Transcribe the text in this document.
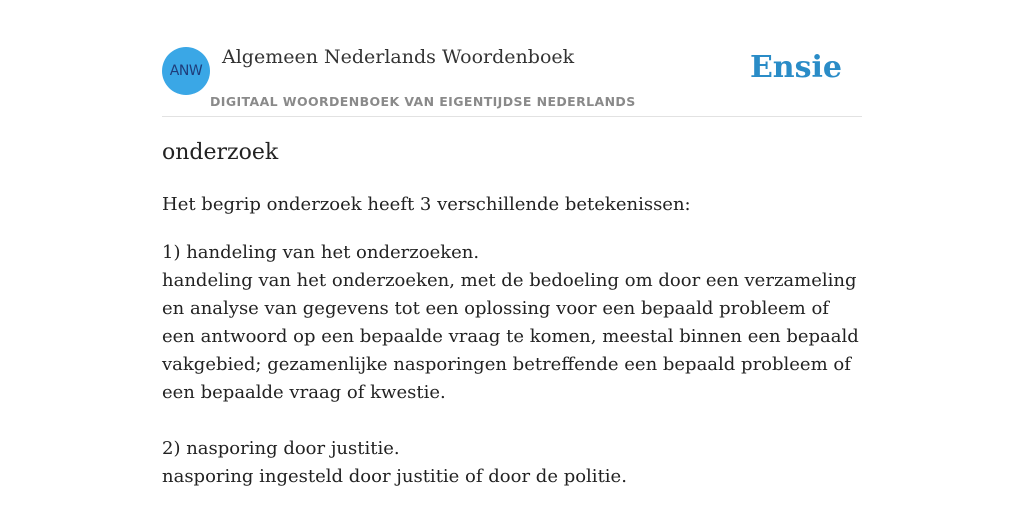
ANW
Algemeen Nederlands Woordenboek
DIGITAAL WOORDENBOEK VAN EIGENTIJDSE NEDERLANDS
Ensie
onderzoek

Het begrip onderzoek heeft 3 verschillende betekenissen:

1) handeling van het onderzoeken.
handeling van het onderzoeken, met de bedoeling om door een verzameling en analyse van gegevens tot een oplossing voor een bepaald probleem of een antwoord op een bepaalde vraag te komen, meestal binnen een bepaald vakgebied; gezamenlijke nasporingen betreffende een bepaald probleem of een bepaalde vraag of kwestie.
2) nasporing door justitie.
nasporing ingesteld door justitie of door de politie.
